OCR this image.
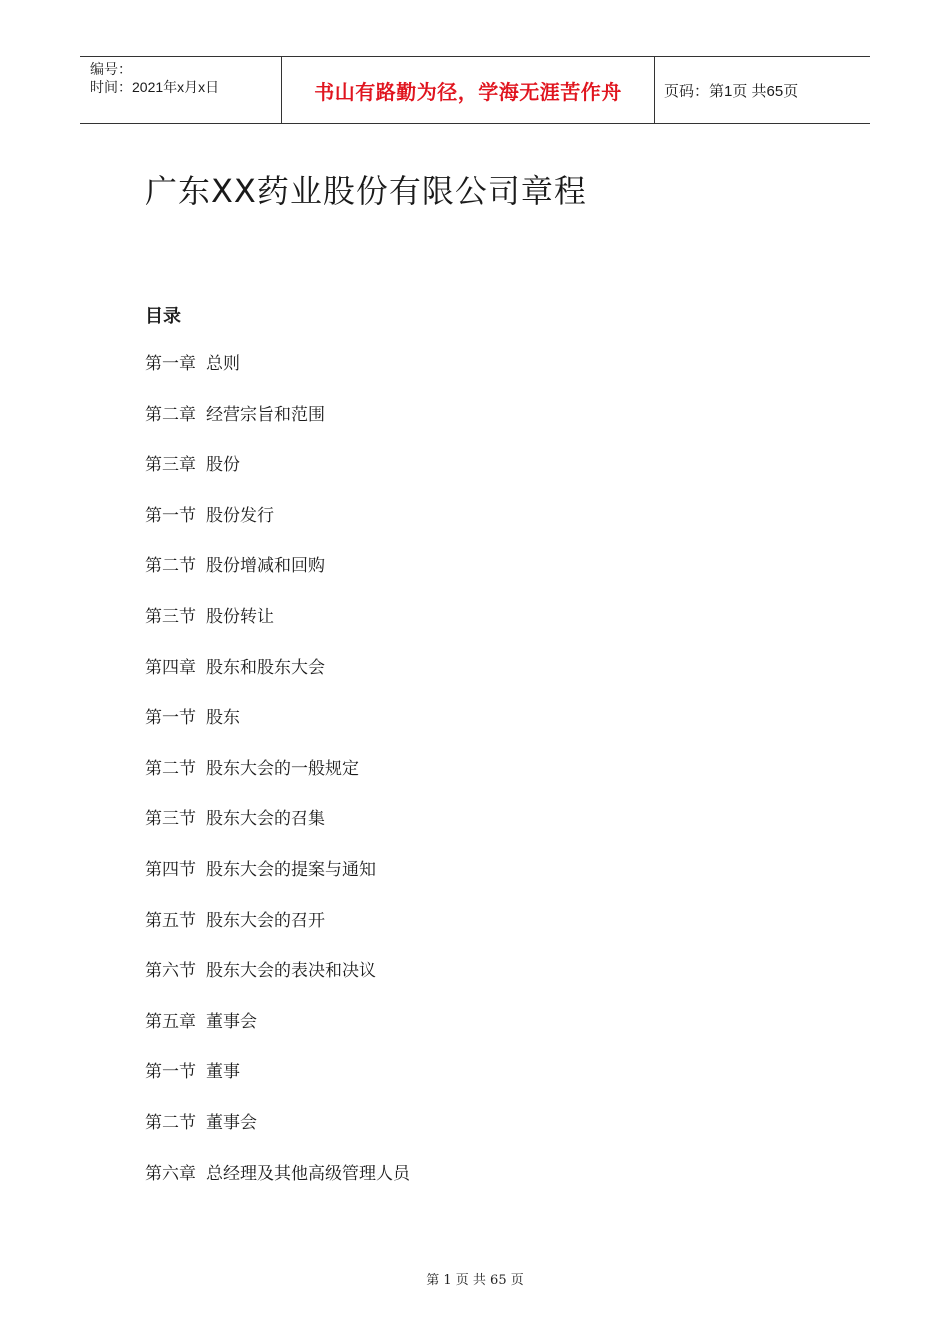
编号：
时间：2021年x月x日	书山有路勤为径，学海无涯苦作舟	页码：第1页 共65页
广东XX药业股份有限公司章程
目录
第一章 总则
第二章 经营宗旨和范围
第三章 股份
第一节 股份发行
第二节 股份增减和回购
第三节 股份转让
第四章 股东和股东大会
第一节 股东
第二节 股东大会的一般规定
第三节 股东大会的召集
第四节 股东大会的提案与通知
第五节 股东大会的召开
第六节 股东大会的表决和决议
第五章 董事会
第一节 董事
第二节 董事会
第六章 总经理及其他高级管理人员
第 1 页 共 65 页
